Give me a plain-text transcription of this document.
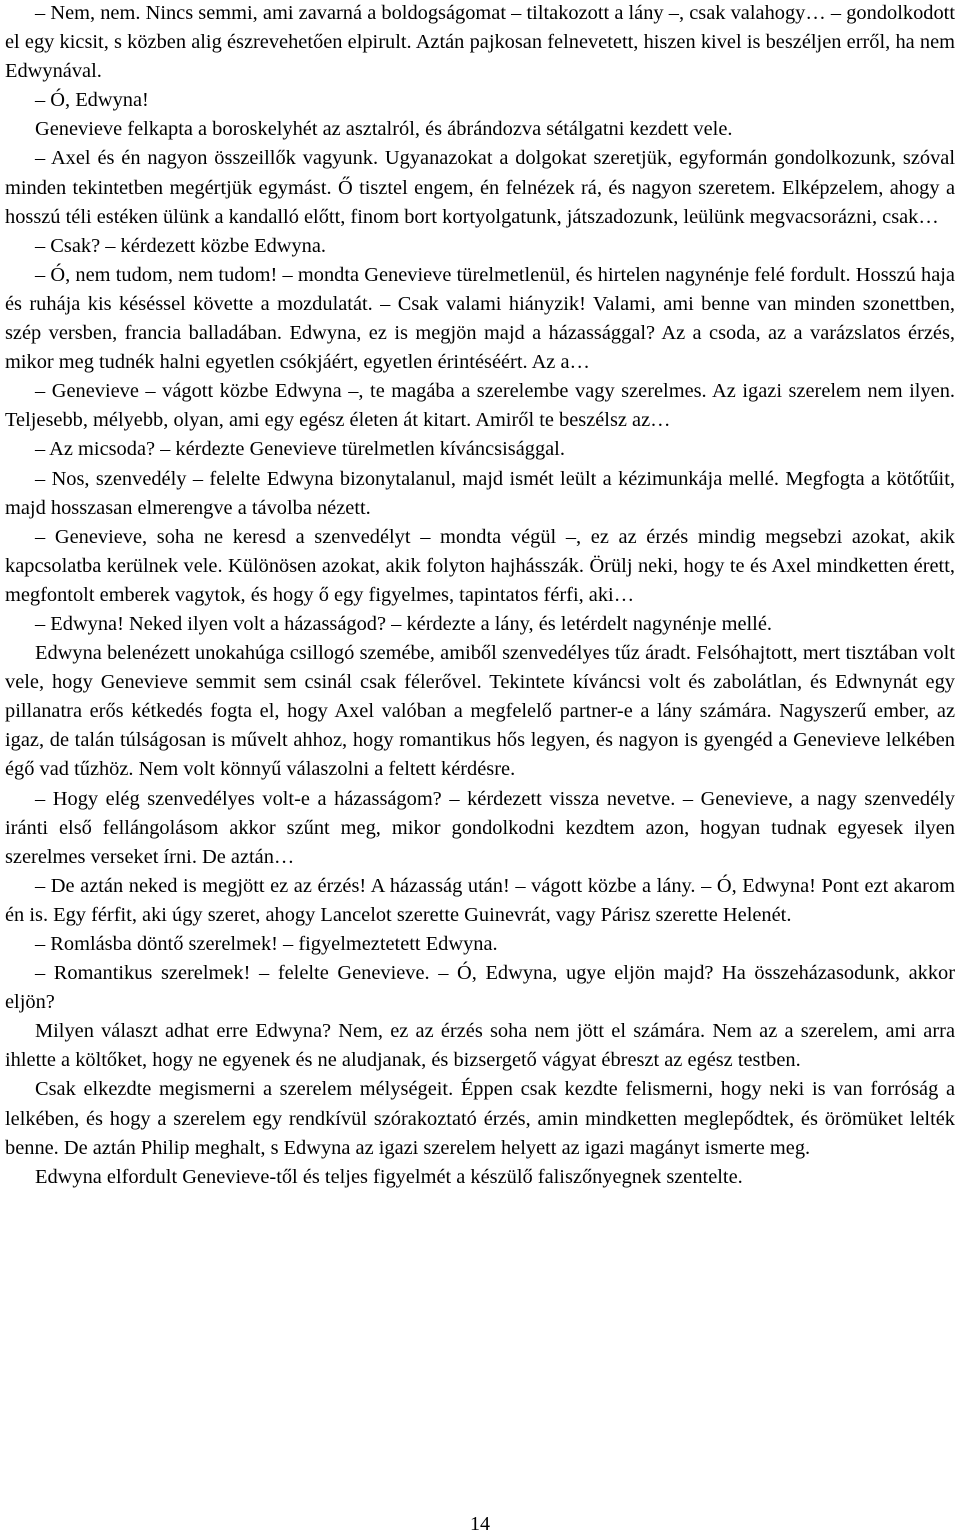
– Nem, nem. Nincs semmi, ami zavarná a boldogságomat – tiltakozott a lány –, csak valahogy… – gondolkodott el egy kicsit, s közben alig észrevehetően elpirult. Aztán pajkosan felnevetett, hiszen kivel is beszéljen erről, ha nem Edwynával.

– Ó, Edwyna!

Genevieve felkapta a boroskelyhét az asztalról, és ábrándozva sétálgatni kezdett vele.

– Axel és én nagyon összeillők vagyunk. Ugyanazokat a dolgokat szeretjük, egyformán gondolkozunk, szóval minden tekintetben megértjük egymást. Ő tisztel engem, én felnézek rá, és nagyon szeretem. Elképzelem, ahogy a hosszú téli estéken ülünk a kandalló előtt, finom bort kortyolgatunk, játszadozunk, leülünk megvacsorázni, csak…

– Csak? – kérdezett közbe Edwyna.

– Ó, nem tudom, nem tudom! – mondta Genevieve türelmetlenül, és hirtelen nagynénje felé fordult. Hosszú haja és ruhája kis késéssel követte a mozdulatát. – Csak valami hiányzik! Valami, ami benne van minden szonettben, szép versben, francia balladában. Edwyna, ez is megjön majd a házassággal? Az a csoda, az a varázslatos érzés, mikor meg tudnék halni egyetlen csókjáért, egyetlen érintéséért. Az a…

– Genevieve – vágott közbe Edwyna –, te magába a szerelembe vagy szerelmes. Az igazi szerelem nem ilyen. Teljesebb, mélyebb, olyan, ami egy egész életen át kitart. Amiről te beszélsz az…

– Az micsoda? – kérdezte Genevieve türelmetlen kíváncsisággal.

– Nos, szenvedély – felelte Edwyna bizonytalanul, majd ismét leült a kézimunkája mellé. Megfogta a kötőtűit, majd hosszasan elmerengve a távolba nézett.

– Genevieve, soha ne keresd a szenvedélyt – mondta végül –, ez az érzés mindig megsebzi azokat, akik kapcsolatba kerülnek vele. Különösen azokat, akik folyton hajhásszák. Örülj neki, hogy te és Axel mindketten érett, megfontolt emberek vagytok, és hogy ő egy figyelmes, tapintatos férfi, aki…

– Edwyna! Neked ilyen volt a házasságod? – kérdezte a lány, és letérdelt nagynénje mellé.

Edwyna belenézett unokahúga csillogó szemébe, amiből szenvedélyes tűz áradt. Felsóhajtott, mert tisztában volt vele, hogy Genevieve semmit sem csinál csak félerővel. Tekintete kíváncsi volt és zabolátlan, és Edwnynát egy pillanatra erős kétkedés fogta el, hogy Axel valóban a megfelelő partner-e a lány számára. Nagyszerű ember, az igaz, de talán túlságosan is művelt ahhoz, hogy romantikus hős legyen, és nagyon is gyengéd a Genevieve lelkében égő vad tűzhöz. Nem volt könnyű válaszolni a feltett kérdésre.

– Hogy elég szenvedélyes volt-e a házasságom? – kérdezett vissza nevetve. – Genevieve, a nagy szenvedély iránti első fellángolásom akkor szűnt meg, mikor gondolkodni kezdtem azon, hogyan tudnak egyesek ilyen szerelmes verseket írni. De aztán…

– De aztán neked is megjött ez az érzés! A házasság után! – vágott közbe a lány. – Ó, Edwyna! Pont ezt akarom én is. Egy férfit, aki úgy szeret, ahogy Lancelot szerette Guinevrát, vagy Párisz szerette Helenét.

– Romlásba döntő szerelmek! – figyelmeztetett Edwyna.

– Romantikus szerelmek! – felelte Genevieve. – Ó, Edwyna, ugye eljön majd? Ha összeházasodunk, akkor eljön?

Milyen választ adhat erre Edwyna? Nem, ez az érzés soha nem jött el számára. Nem az a szerelem, ami arra ihlette a költőket, hogy ne egyenek és ne aludjanak, és bizsergető vágyat ébreszt az egész testben.

Csak elkezdte megismerni a szerelem mélységeit. Éppen csak kezdte felismerni, hogy neki is van forróság a lelkében, és hogy a szerelem egy rendkívül szórakoztató érzés, amin mindketten meglepődtek, és örömüket lelték benne. De aztán Philip meghalt, s Edwyna az igazi szerelem helyett az igazi magányt ismerte meg.

Edwyna elfordult Genevieve-től és teljes figyelmét a készülő faliszőnyegnek szentelte.

14
